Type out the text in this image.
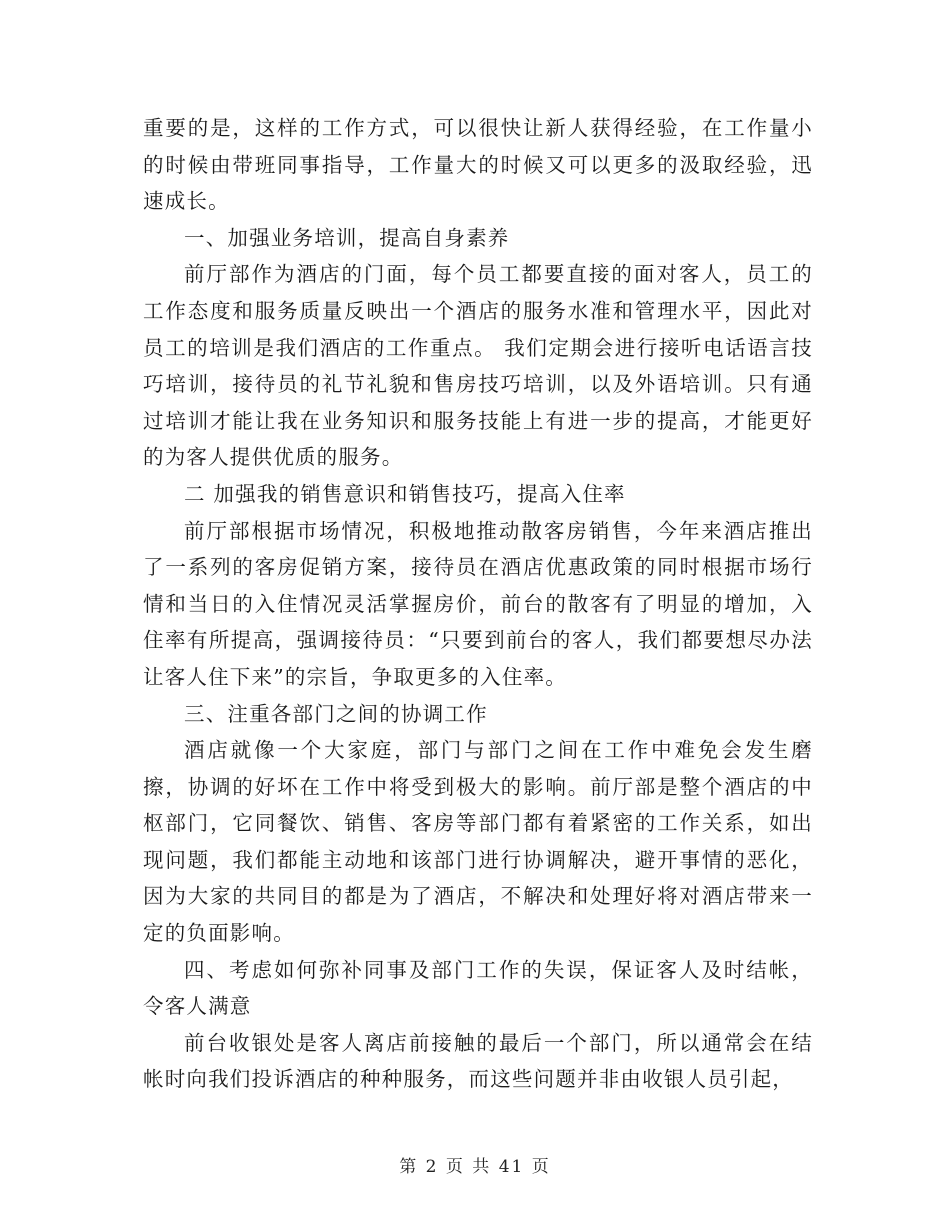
重要的是，这样的工作方式，可以很快让新人获得经验，在工作量小的时候由带班同事指导，工作量大的时候又可以更多的汲取经验，迅速成长。

一、加强业务培训，提高自身素养

前厅部作为酒店的门面，每个员工都要直接的面对客人，员工的工作态度和服务质量反映出一个酒店的服务水准和管理水平，因此对员工的培训是我们酒店的工作重点。 我们定期会进行接听电话语言技巧培训，接待员的礼节礼貌和售房技巧培训，以及外语培训。只有通过培训才能让我在业务知识和服务技能上有进一步的提高，才能更好的为客人提供优质的服务。

二 加强我的销售意识和销售技巧，提高入住率

前厅部根据市场情况，积极地推动散客房销售，今年来酒店推出了一系列的客房促销方案，接待员在酒店优惠政策的同时根据市场行情和当日的入住情况灵活掌握房价，前台的散客有了明显的增加，入住率有所提高，强调接待员：“只要到前台的客人，我们都要想尽办法让客人住下来”的宗旨，争取更多的入住率。

三、注重各部门之间的协调工作

酒店就像一个大家庭，部门与部门之间在工作中难免会发生磨擦，协调的好坏在工作中将受到极大的影响。前厅部是整个酒店的中枢部门，它同餐饮、销售、客房等部门都有着紧密的工作关系，如出现问题，我们都能主动地和该部门进行协调解决，避开事情的恶化，因为大家的共同目的都是为了酒店，不解决和处理好将对酒店带来一定的负面影响。

四、考虑如何弥补同事及部门工作的失误，保证客人及时结帐，令客人满意

前台收银处是客人离店前接触的最后一个部门，所以通常会在结帐时向我们投诉酒店的种种服务，而这些问题并非由收银人员引起，

第 2 页 共 41 页
